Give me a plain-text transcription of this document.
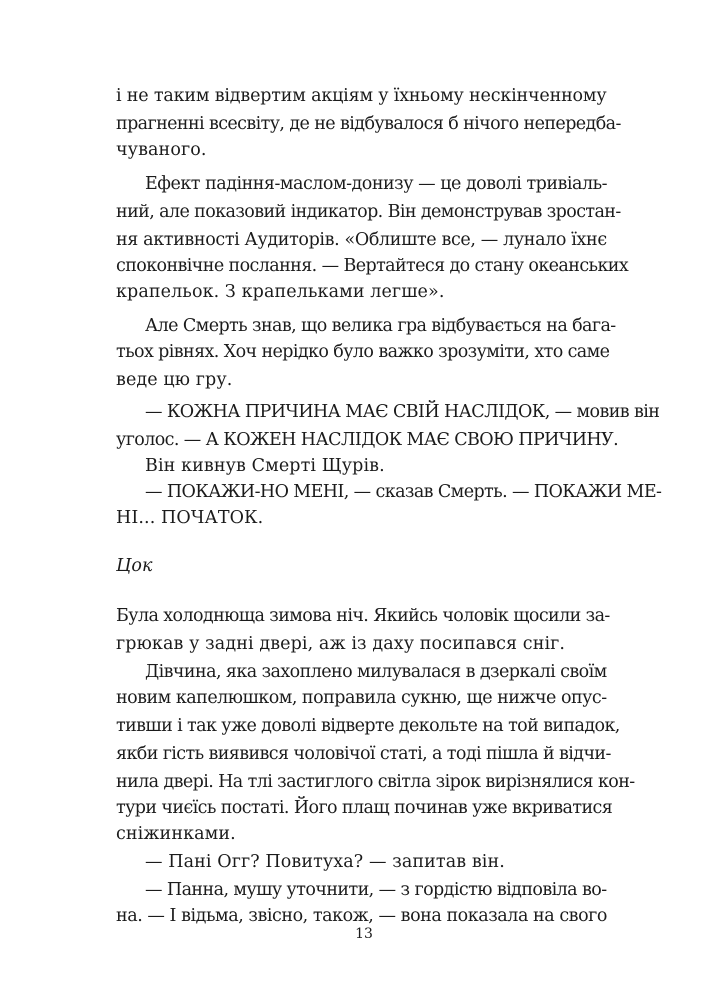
і не таким відвертим акціям у їхньому нескінченному
прагненні всесвіту, де не відбувалося б нічого непередба-
чуваного.
Ефект падіння-маслом-донизу — це доволі тривіаль-
ний, але показовий індикатор. Він демонстрував зростан-
ня активності Аудиторів. «Облиште все, — лунало їхнє
споконвічне послання. — Вертайтеся до стану океанських
крапельок. З крапельками легше».
Але Смерть знав, що велика гра відбувається на бага-
тьох рівнях. Хоч нерідко було важко зрозуміти, хто саме
веде цю гру.
— КОЖНА ПРИЧИНА МАЄ СВІЙ НАСЛІДОК, — мовив він
уголос. — А КОЖЕН НАСЛІДОК МАЄ СВОЮ ПРИЧИНУ.
Він кивнув Смерті Щурів.
— ПОКАЖИ-НО МЕНІ, — сказав Смерть. — ПОКАЖИ МЕ-
НІ... ПОЧАТОК.
Цок
Була холоднюща зимова ніч. Якийсь чоловік щосили за-
грюкав у задні двері, аж із даху посипався сніг.
Дівчина, яка захоплено милувалася в дзеркалі своїм
новим капелюшком, поправила сукню, ще нижче опус-
тивши і так уже доволі відверте декольте на той випадок,
якби гість виявився чоловічої статі, а тоді пішла й відчи-
нила двері. На тлі застиглого світла зірок вирізнялися кон-
тури чиєїсь постаті. Його плащ починав уже вкриватися
сніжинками.
— Пані Огг? Повитуха? — запитав він.
— Панна, мушу уточнити, — з гордістю відповіла во-
на. — І відьма, звісно, також, — вона показала на свого
13
